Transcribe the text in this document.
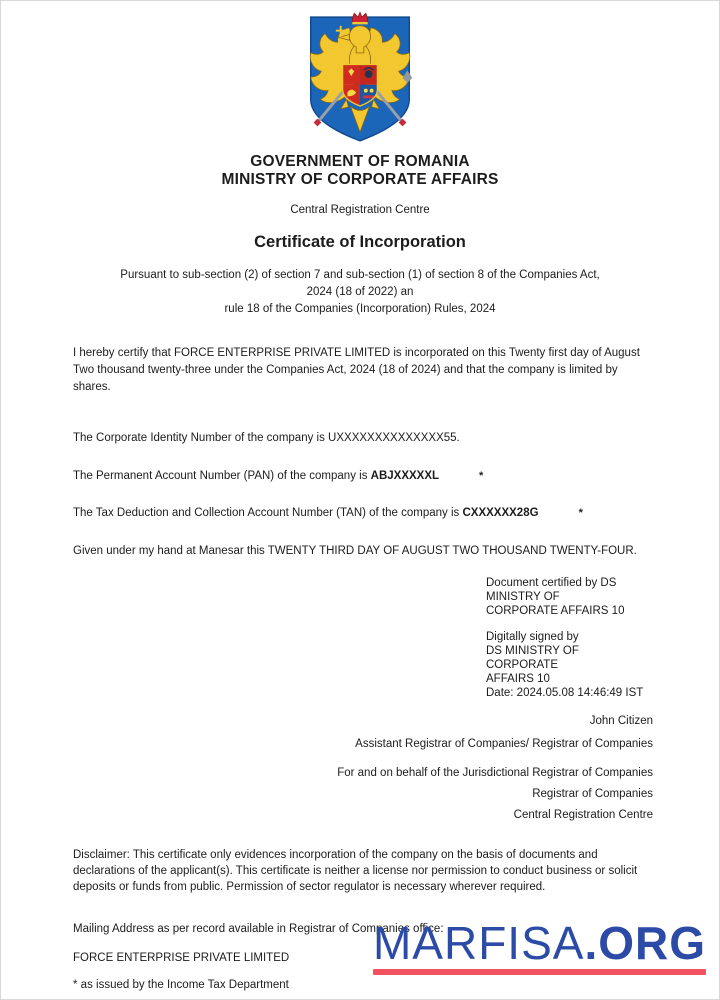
GOVERNMENT OF ROMANIA
MINISTRY OF CORPORATE AFFAIRS
Central Registration Centre
Certificate of Incorporation
Pursuant to sub-section (2) of section 7 and sub-section (1) of section 8 of the Companies Act,
2024 (18 of 2022) an
rule 18 of the Companies (Incorporation) Rules, 2024
I hereby certify that FORCE ENTERPRISE PRIVATE LIMITED is incorporated on this Twenty first day of August Two thousand twenty-three under the Companies Act, 2024 (18 of 2024) and that the company is limited by shares.
The Corporate Identity Number of the company is UXXXXXXXXXXXXXX55.
The Permanent Account Number (PAN) of the company is ABJXXXXXL	*
The Tax Deduction and Collection Account Number (TAN) of the company is CXXXXXX28G	*
Given under my hand at Manesar this TWENTY THIRD DAY OF AUGUST TWO THOUSAND TWENTY-FOUR.
Document certified by DS
MINISTRY OF
CORPORATE AFFAIRS 10
Digitally signed by
DS MINISTRY OF CORPORATE
AFFAIRS 10
Date: 2024.05.08 14:46:49 IST
John Citizen
Assistant Registrar of Companies/ Registrar of Companies
For and on behalf of the Jurisdictional Registrar of Companies
Registrar of Companies
Central Registration Centre
Disclaimer: This certificate only evidences incorporation of the company on the basis of documents and declarations of the applicant(s). This certificate is neither a license nor permission to conduct business or solicit deposits or funds from public. Permission of sector regulator is necessary wherever required.
Mailing Address as per record available in Registrar of Companies office:
FORCE ENTERPRISE PRIVATE LIMITED
* as issued by the Income Tax Department
MARFISA.ORG
